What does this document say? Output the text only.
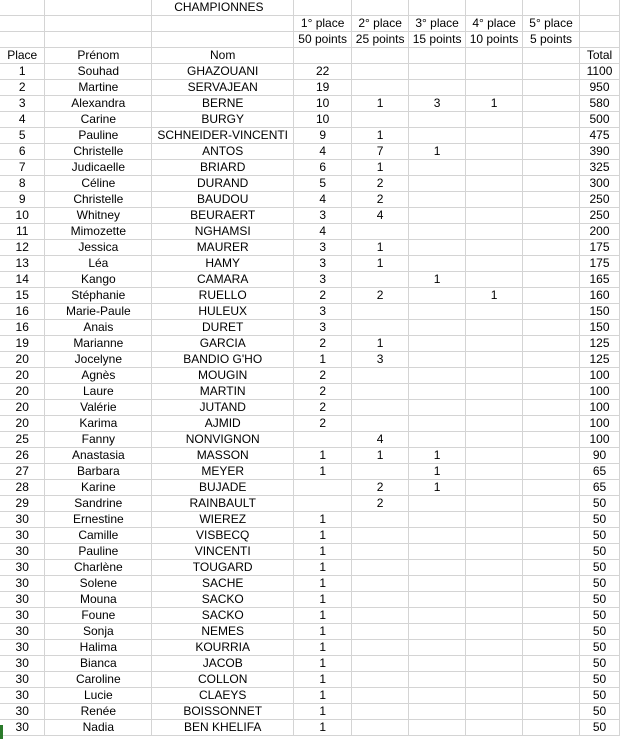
		CHAMPIONNES						
			1° place	2° place	3° place	4° place	5° place	
			50 points	25 points	15 points	10 points	5 points	
Place	Prénom	Nom						Total
1	Souhad	GHAZOUANI	22					1100
2	Martine	SERVAJEAN	19					950
3	Alexandra	BERNE	10	1	3	1		580
4	Carine	BURGY	10					500
5	Pauline	SCHNEIDER-VINCENTI	9	1				475
6	Christelle	ANTOS	4	7	1			390
7	Judicaelle	BRIARD	6	1				325
8	Céline	DURAND	5	2				300
9	Christelle	BAUDOU	4	2				250
10	Whitney	BEURAERT	3	4				250
11	Mimozette	NGHAMSI	4					200
12	Jessica	MAURER	3	1				175
13	Léa	HAMY	3	1				175
14	Kango	CAMARA	3		1			165
15	Stéphanie	RUELLO	2	2		1		160
16	Marie-Paule	HULEUX	3					150
16	Anais	DURET	3					150
19	Marianne	GARCIA	2	1				125
20	Jocelyne	BANDIO G'HO	1	3				125
20	Agnès	MOUGIN	2					100
20	Laure	MARTIN	2					100
20	Valérie	JUTAND	2					100
20	Karima	AJMID	2					100
25	Fanny	NONVIGNON		4				100
26	Anastasia	MASSON	1	1	1			90
27	Barbara	MEYER	1		1			65
28	Karine	BUJADE		2	1			65
29	Sandrine	RAINBAULT		2				50
30	Ernestine	WIEREZ	1					50
30	Camille	VISBECQ	1					50
30	Pauline	VINCENTI	1					50
30	Charlène	TOUGARD	1					50
30	Solene	SACHE	1					50
30	Mouna	SACKO	1					50
30	Foune	SACKO	1					50
30	Sonja	NEMES	1					50
30	Halima	KOURRIA	1					50
30	Bianca	JACOB	1					50
30	Caroline	COLLON	1					50
30	Lucie	CLAEYS	1					50
30	Renée	BOISSONNET	1					50
30	Nadia	BEN KHELIFA	1					50
